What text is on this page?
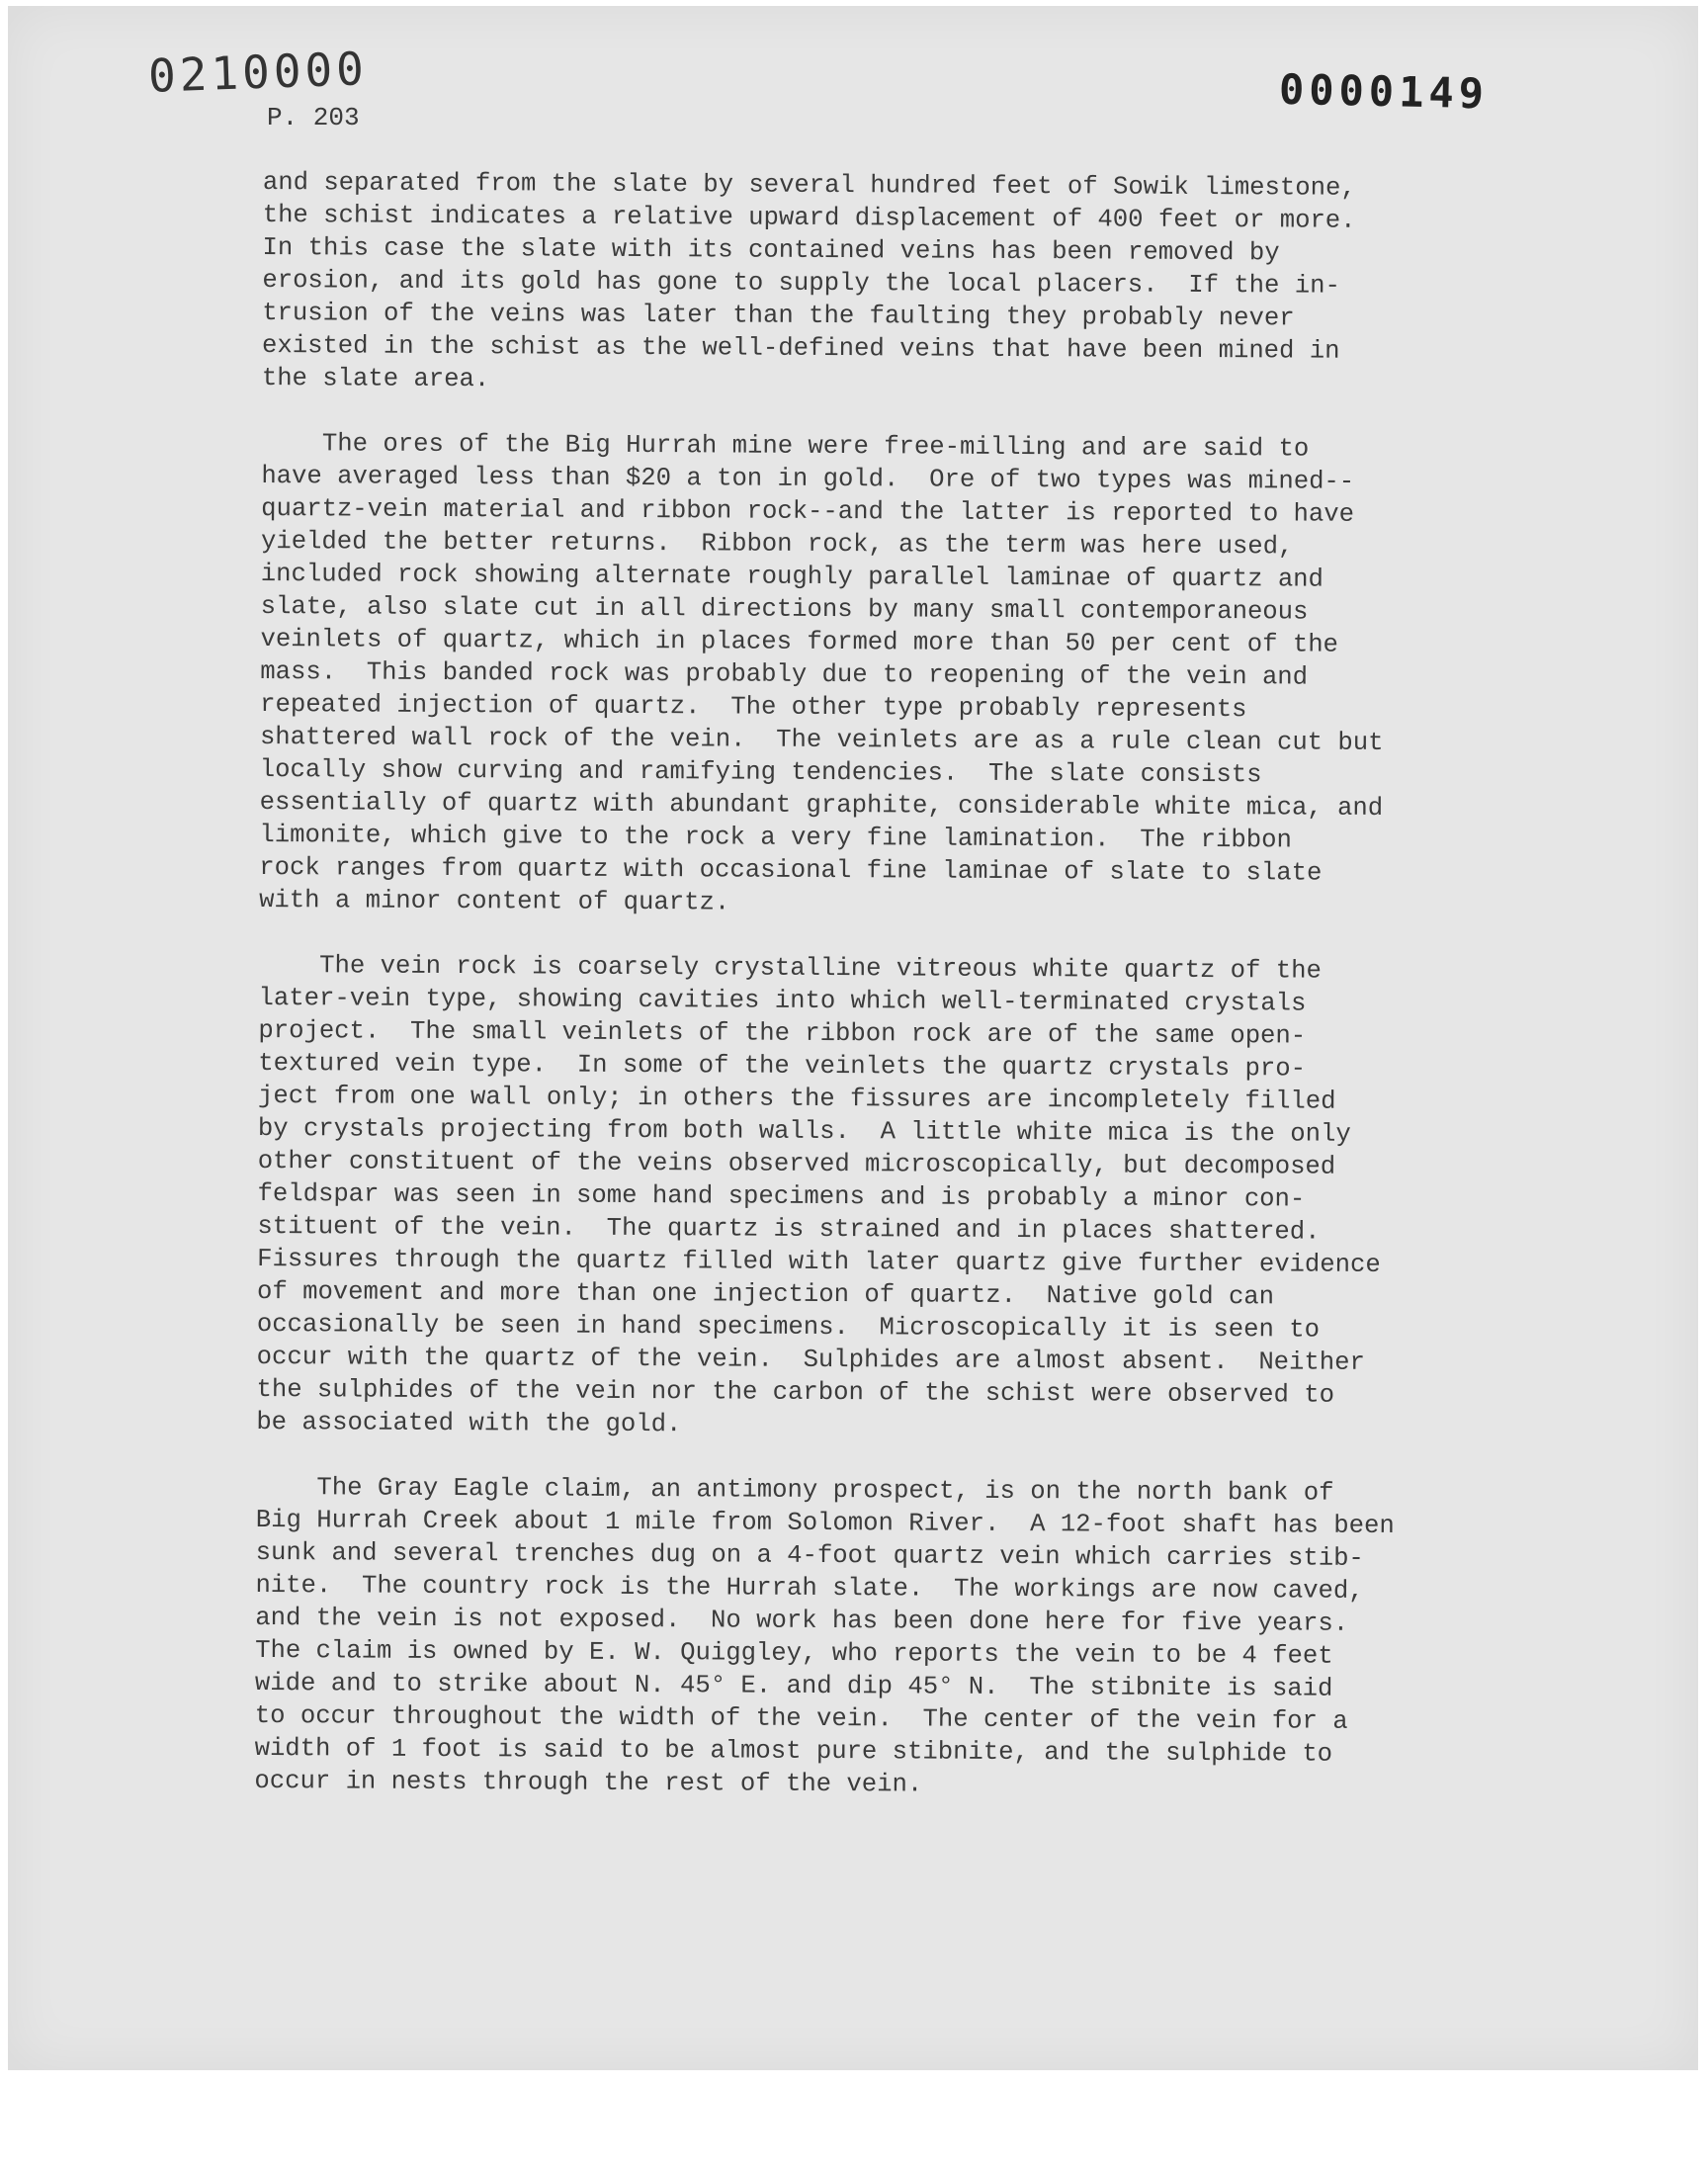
0210000	0000149
P. 203
and separated from the slate by several hundred feet of Sowik limestone,
the schist indicates a relative upward displacement of 400 feet or more.
In this case the slate with its contained veins has been removed by
erosion, and its gold has gone to supply the local placers.  If the in-
trusion of the veins was later than the faulting they probably never
existed in the schist as the well-defined veins that have been mined in
the slate area.
The ores of the Big Hurrah mine were free-milling and are said to
have averaged less than $20 a ton in gold.  Ore of two types was mined--
quartz-vein material and ribbon rock--and the latter is reported to have
yielded the better returns.  Ribbon rock, as the term was here used,
included rock showing alternate roughly parallel laminae of quartz and
slate, also slate cut in all directions by many small contemporaneous
veinlets of quartz, which in places formed more than 50 per cent of the
mass.  This banded rock was probably due to reopening of the vein and
repeated injection of quartz.  The other type probably represents
shattered wall rock of the vein.  The veinlets are as a rule clean cut but
locally show curving and ramifying tendencies.  The slate consists
essentially of quartz with abundant graphite, considerable white mica, and
limonite, which give to the rock a very fine lamination.  The ribbon
rock ranges from quartz with occasional fine laminae of slate to slate
with a minor content of quartz.
The vein rock is coarsely crystalline vitreous white quartz of the
later-vein type, showing cavities into which well-terminated crystals
project.  The small veinlets of the ribbon rock are of the same open-
textured vein type.  In some of the veinlets the quartz crystals pro-
ject from one wall only; in others the fissures are incompletely filled
by crystals projecting from both walls.  A little white mica is the only
other constituent of the veins observed microscopically, but decomposed
feldspar was seen in some hand specimens and is probably a minor con-
stituent of the vein.  The quartz is strained and in places shattered.
Fissures through the quartz filled with later quartz give further evidence
of movement and more than one injection of quartz.  Native gold can
occasionally be seen in hand specimens.  Microscopically it is seen to
occur with the quartz of the vein.  Sulphides are almost absent.  Neither
the sulphides of the vein nor the carbon of the schist were observed to
be associated with the gold.
The Gray Eagle claim, an antimony prospect, is on the north bank of
Big Hurrah Creek about 1 mile from Solomon River.  A 12-foot shaft has been
sunk and several trenches dug on a 4-foot quartz vein which carries stib-
nite.  The country rock is the Hurrah slate.  The workings are now caved,
and the vein is not exposed.  No work has been done here for five years.
The claim is owned by E. W. Quiggley, who reports the vein to be 4 feet
wide and to strike about N. 45° E. and dip 45° N.  The stibnite is said
to occur throughout the width of the vein.  The center of the vein for a
width of 1 foot is said to be almost pure stibnite, and the sulphide to
occur in nests through the rest of the vein.
